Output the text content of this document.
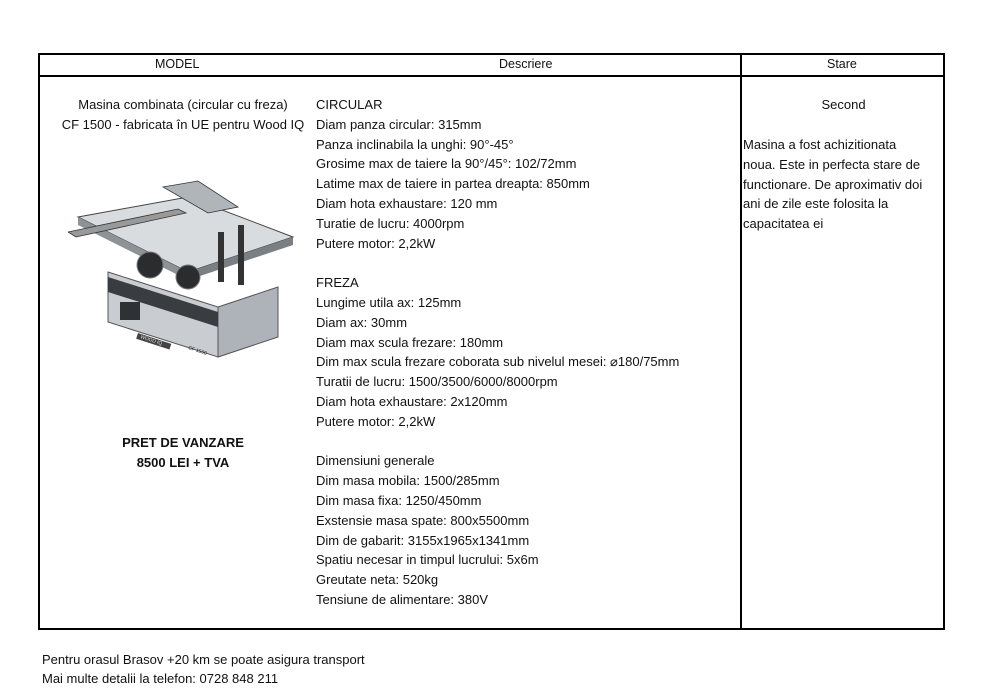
MODEL	Descriere	Stare
Masina combinata (circular cu freza)
CF 1500 - fabricata în UE pentru Wood IQ
WOOD IQ
CF 1500
PRET DE VANZARE
8500 LEI + TVA
CIRCULAR
Diam panza circular: 315mm
Panza inclinabila la unghi: 90°-45°
Grosime max de taiere la 90°/45°: 102/72mm
Latime max de taiere in partea dreapta: 850mm
Diam hota exhaustare: 120 mm
Turatie de lucru: 4000rpm
Putere motor: 2,2kW
FREZA
Lungime utila ax: 125mm
Diam ax: 30mm
Diam max scula frezare: 180mm
Dim max scula frezare coborata sub nivelul mesei: ⌀180/75mm
Turatii de lucru: 1500/3500/6000/8000rpm
Diam hota exhaustare: 2x120mm
Putere motor: 2,2kW
Dimensiuni generale
Dim masa mobila: 1500/285mm
Dim masa fixa: 1250/450mm
Exstensie masa spate: 800x5500mm
Dim de gabarit: 3155x1965x1341mm
Spatiu necesar in timpul lucrului: 5x6m
Greutate neta: 520kg
Tensiune de alimentare: 380V
Second
Masina a fost achizitionata
noua. Este in perfecta stare de
functionare. De aproximativ doi
ani de zile este folosita la
capacitatea ei
Pentru orasul Brasov +20 km se poate asigura transport
Mai multe detalii la telefon: 0728 848 211
